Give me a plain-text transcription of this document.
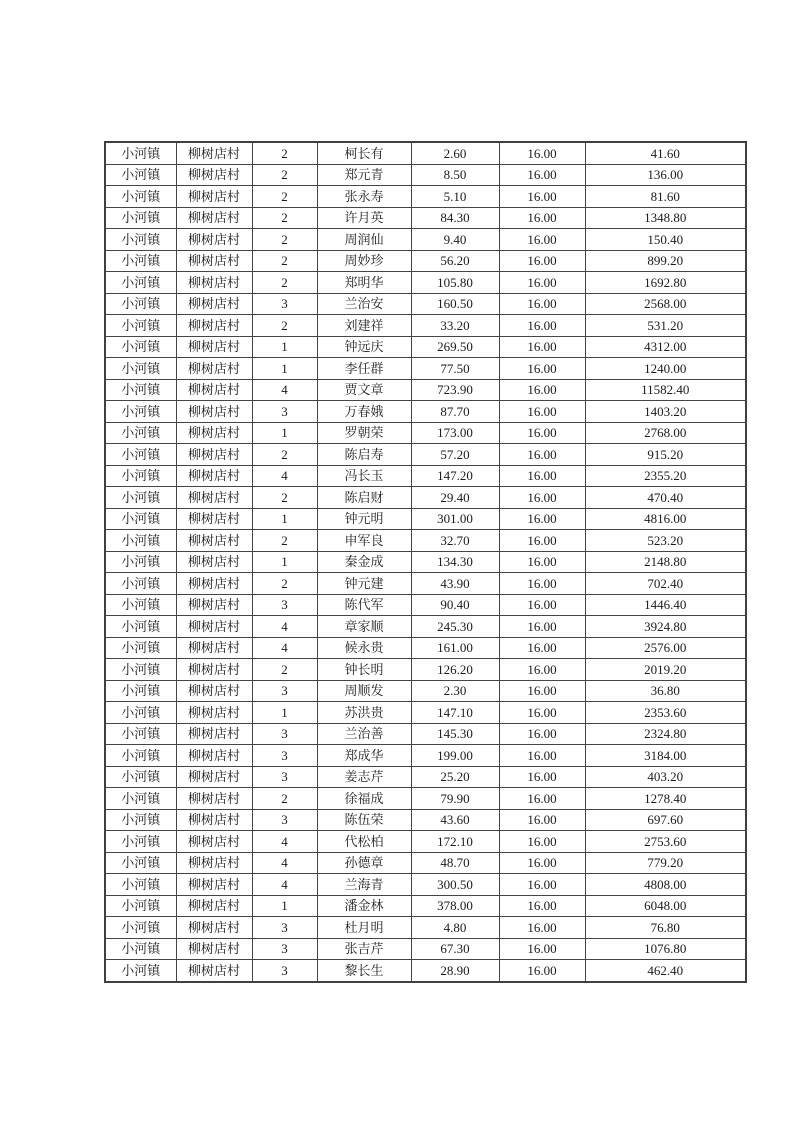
小河镇	柳树店村	2	柯长有	2.60	16.00	41.60
小河镇	柳树店村	2	郑元青	8.50	16.00	136.00
小河镇	柳树店村	2	张永寿	5.10	16.00	81.60
小河镇	柳树店村	2	许月英	84.30	16.00	1348.80
小河镇	柳树店村	2	周润仙	9.40	16.00	150.40
小河镇	柳树店村	2	周妙珍	56.20	16.00	899.20
小河镇	柳树店村	2	郑明华	105.80	16.00	1692.80
小河镇	柳树店村	3	兰治安	160.50	16.00	2568.00
小河镇	柳树店村	2	刘建祥	33.20	16.00	531.20
小河镇	柳树店村	1	钟远庆	269.50	16.00	4312.00
小河镇	柳树店村	1	李任群	77.50	16.00	1240.00
小河镇	柳树店村	4	贾文章	723.90	16.00	11582.40
小河镇	柳树店村	3	万春娥	87.70	16.00	1403.20
小河镇	柳树店村	1	罗朝荣	173.00	16.00	2768.00
小河镇	柳树店村	2	陈启寿	57.20	16.00	915.20
小河镇	柳树店村	4	冯长玉	147.20	16.00	2355.20
小河镇	柳树店村	2	陈启财	29.40	16.00	470.40
小河镇	柳树店村	1	钟元明	301.00	16.00	4816.00
小河镇	柳树店村	2	申军良	32.70	16.00	523.20
小河镇	柳树店村	1	秦金成	134.30	16.00	2148.80
小河镇	柳树店村	2	钟元建	43.90	16.00	702.40
小河镇	柳树店村	3	陈代军	90.40	16.00	1446.40
小河镇	柳树店村	4	章家顺	245.30	16.00	3924.80
小河镇	柳树店村	4	候永贵	161.00	16.00	2576.00
小河镇	柳树店村	2	钟长明	126.20	16.00	2019.20
小河镇	柳树店村	3	周顺发	2.30	16.00	36.80
小河镇	柳树店村	1	苏洪贵	147.10	16.00	2353.60
小河镇	柳树店村	3	兰治善	145.30	16.00	2324.80
小河镇	柳树店村	3	郑成华	199.00	16.00	3184.00
小河镇	柳树店村	3	姜志芹	25.20	16.00	403.20
小河镇	柳树店村	2	徐福成	79.90	16.00	1278.40
小河镇	柳树店村	3	陈伍荣	43.60	16.00	697.60
小河镇	柳树店村	4	代松柏	172.10	16.00	2753.60
小河镇	柳树店村	4	孙德章	48.70	16.00	779.20
小河镇	柳树店村	4	兰海青	300.50	16.00	4808.00
小河镇	柳树店村	1	潘金林	378.00	16.00	6048.00
小河镇	柳树店村	3	杜月明	4.80	16.00	76.80
小河镇	柳树店村	3	张吉芹	67.30	16.00	1076.80
小河镇	柳树店村	3	黎长生	28.90	16.00	462.40
